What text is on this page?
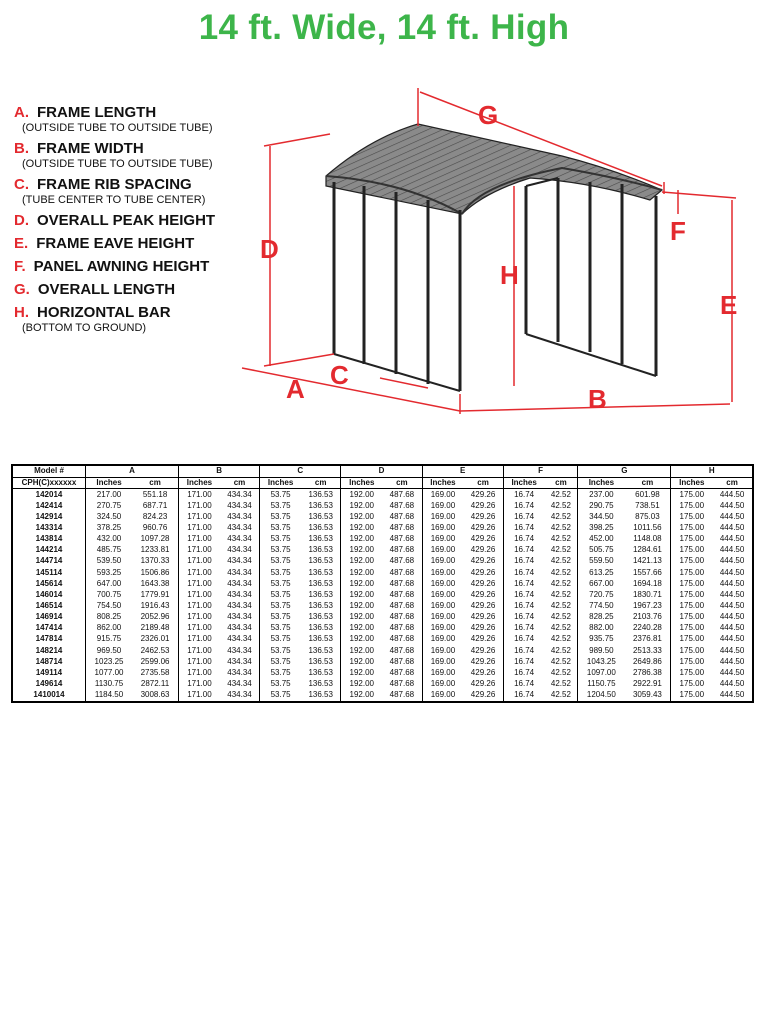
14 ft. Wide, 14 ft. High
A. FRAME LENGTH
(OUTSIDE TUBE TO OUTSIDE TUBE)
B. FRAME WIDTH
(OUTSIDE TUBE TO OUTSIDE TUBE)
C. FRAME RIB SPACING
(TUBE CENTER TO TUBE CENTER)
D. OVERALL PEAK HEIGHT
E. FRAME EAVE HEIGHT
F. PANEL AWNING HEIGHT
G. OVERALL LENGTH
H. HORIZONTAL BAR
(BOTTOM TO GROUND)
G
D
H
F
E
C
A	B
Model #	A		B		C		D		E		F		G		H	
CPH(C)xxxxxx	Inches	cm	Inches	cm	Inches	cm	Inches	cm	Inches	cm	Inches	cm	Inches	cm	Inches	cm
142014	217.00	551.18	171.00	434.34	53.75	136.53	192.00	487.68	169.00	429.26	16.74	42.52	237.00	601.98	175.00	444.50
142414	270.75	687.71	171.00	434.34	53.75	136.53	192.00	487.68	169.00	429.26	16.74	42.52	290.75	738.51	175.00	444.50
142914	324.50	824.23	171.00	434.34	53.75	136.53	192.00	487.68	169.00	429.26	16.74	42.52	344.50	875.03	175.00	444.50
143314	378.25	960.76	171.00	434.34	53.75	136.53	192.00	487.68	169.00	429.26	16.74	42.52	398.25	1011.56	175.00	444.50
143814	432.00	1097.28	171.00	434.34	53.75	136.53	192.00	487.68	169.00	429.26	16.74	42.52	452.00	1148.08	175.00	444.50
144214	485.75	1233.81	171.00	434.34	53.75	136.53	192.00	487.68	169.00	429.26	16.74	42.52	505.75	1284.61	175.00	444.50
144714	539.50	1370.33	171.00	434.34	53.75	136.53	192.00	487.68	169.00	429.26	16.74	42.52	559.50	1421.13	175.00	444.50
145114	593.25	1506.86	171.00	434.34	53.75	136.53	192.00	487.68	169.00	429.26	16.74	42.52	613.25	1557.66	175.00	444.50
145614	647.00	1643.38	171.00	434.34	53.75	136.53	192.00	487.68	169.00	429.26	16.74	42.52	667.00	1694.18	175.00	444.50
146014	700.75	1779.91	171.00	434.34	53.75	136.53	192.00	487.68	169.00	429.26	16.74	42.52	720.75	1830.71	175.00	444.50
146514	754.50	1916.43	171.00	434.34	53.75	136.53	192.00	487.68	169.00	429.26	16.74	42.52	774.50	1967.23	175.00	444.50
146914	808.25	2052.96	171.00	434.34	53.75	136.53	192.00	487.68	169.00	429.26	16.74	42.52	828.25	2103.76	175.00	444.50
147414	862.00	2189.48	171.00	434.34	53.75	136.53	192.00	487.68	169.00	429.26	16.74	42.52	882.00	2240.28	175.00	444.50
147814	915.75	2326.01	171.00	434.34	53.75	136.53	192.00	487.68	169.00	429.26	16.74	42.52	935.75	2376.81	175.00	444.50
148214	969.50	2462.53	171.00	434.34	53.75	136.53	192.00	487.68	169.00	429.26	16.74	42.52	989.50	2513.33	175.00	444.50
148714	1023.25	2599.06	171.00	434.34	53.75	136.53	192.00	487.68	169.00	429.26	16.74	42.52	1043.25	2649.86	175.00	444.50
149114	1077.00	2735.58	171.00	434.34	53.75	136.53	192.00	487.68	169.00	429.26	16.74	42.52	1097.00	2786.38	175.00	444.50
149614	1130.75	2872.11	171.00	434.34	53.75	136.53	192.00	487.68	169.00	429.26	16.74	42.52	1150.75	2922.91	175.00	444.50
1410014	1184.50	3008.63	171.00	434.34	53.75	136.53	192.00	487.68	169.00	429.26	16.74	42.52	1204.50	3059.43	175.00	444.50
